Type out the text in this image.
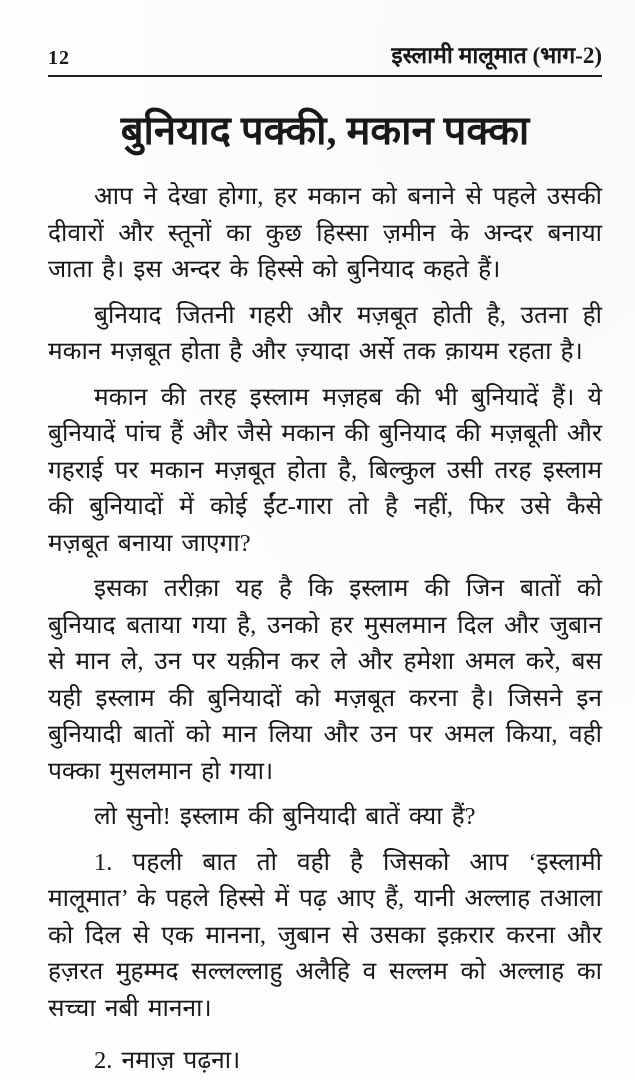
12	इस्लामी मालूमात (भाग-2)
बुनियाद पक्की, मकान पक्का

आप ने देखा होगा, हर मकान को बनाने से पहले उसकी दीवारों और स्तूनों का कुछ हिस्सा ज़मीन के अन्दर बनाया जाता है। इस अन्दर के हिस्से को बुनियाद कहते हैं।

बुनियाद जितनी गहरी और मज़बूत होती है, उतना ही मकान मज़बूत होता है और ज़्यादा अर्से तक क़ायम रहता है।

मकान की तरह इस्लाम मज़हब की भी बुनियादें हैं। ये बुनियादें पांच हैं और जैसे मकान की बुनियाद की मज़बूती और गहराई पर मकान मज़बूत होता है, बिल्कुल उसी तरह इस्लाम की बुनियादों में कोई ईंट-गारा तो है नहीं, फिर उसे कैसे मज़बूत बनाया जाएगा?

इसका तरीक़ा यह है कि इस्लाम की जिन बातों को बुनियाद बताया गया है, उनको हर मुसलमान दिल और जुबान से मान ले, उन पर यक़ीन कर ले और हमेशा अमल करे, बस यही इस्लाम की बुनियादों को मज़बूत करना है। जिसने इन बुनियादी बातों को मान लिया और उन पर अमल किया, वही पक्का मुसलमान हो गया।

लो सुनो! इस्लाम की बुनियादी बातें क्या हैं?

1. पहली बात तो वही है जिसको आप ‘इस्लामी मालूमात’ के पहले हिस्से में पढ़ आए हैं, यानी अल्लाह तआला को दिल से एक मानना, जुबान से उसका इक़रार करना और हज़रत मुहम्मद सल्लल्लाहु अलैहि व सल्लम को अल्लाह का सच्चा नबी मानना।

2. नमाज़ पढ़ना।
